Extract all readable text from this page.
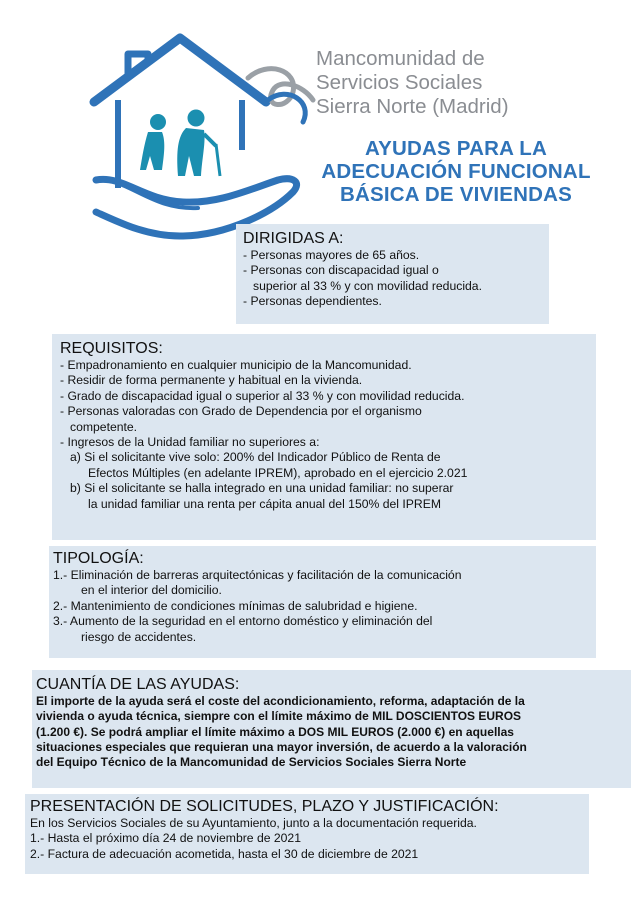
Mancomunidad de
Servicios Sociales
Sierra Norte (Madrid)
AYUDAS PARA LA
ADECUACIÓN FUNCIONAL
BÁSICA DE VIVIENDAS
DIRIGIDAS A:
- Personas mayores de 65 años.
- Personas con discapacidad igual o
superior al 33 % y con movilidad reducida.
- Personas dependientes.
REQUISITOS:
- Empadronamiento en cualquier municipio de la Mancomunidad.
- Residir de forma permanente y habitual en la vivienda.
- Grado de discapacidad igual o superior al 33 % y con movilidad reducida.
- Personas valoradas con Grado de Dependencia por el organismo
competente.
- Ingresos de la Unidad familiar no superiores a:
a) Si el solicitante vive solo: 200% del Indicador Público de Renta de
Efectos Múltiples (en adelante IPREM), aprobado en el ejercicio 2.021
b) Si el solicitante se halla integrado en una unidad familiar: no superar
la unidad familiar una renta per cápita anual del 150% del IPREM
TIPOLOGÍA:
1.- Eliminación de barreras arquitectónicas y facilitación de la comunicación
en el interior del domicilio.
2.- Mantenimiento de condiciones mínimas de salubridad e higiene.
3.- Aumento de la seguridad en el entorno doméstico y eliminación del
riesgo de accidentes.
CUANTÍA DE LAS AYUDAS:
El importe de la ayuda será el coste del acondicionamiento, reforma, adaptación de la
vivienda o ayuda técnica, siempre con el límite máximo de MIL DOSCIENTOS EUROS
(1.200 €). Se podrá ampliar el límite máximo a DOS MIL EUROS (2.000 €) en aquellas
situaciones especiales que requieran una mayor inversión, de acuerdo a la valoración
del Equipo Técnico de la Mancomunidad de Servicios Sociales Sierra Norte
PRESENTACIÓN DE SOLICITUDES, PLAZO Y JUSTIFICACIÓN:
En los Servicios Sociales de su Ayuntamiento, junto a la documentación requerida.
1.- Hasta el próximo día 24 de noviembre de 2021
2.- Factura de adecuación acometida, hasta el 30 de diciembre de 2021
